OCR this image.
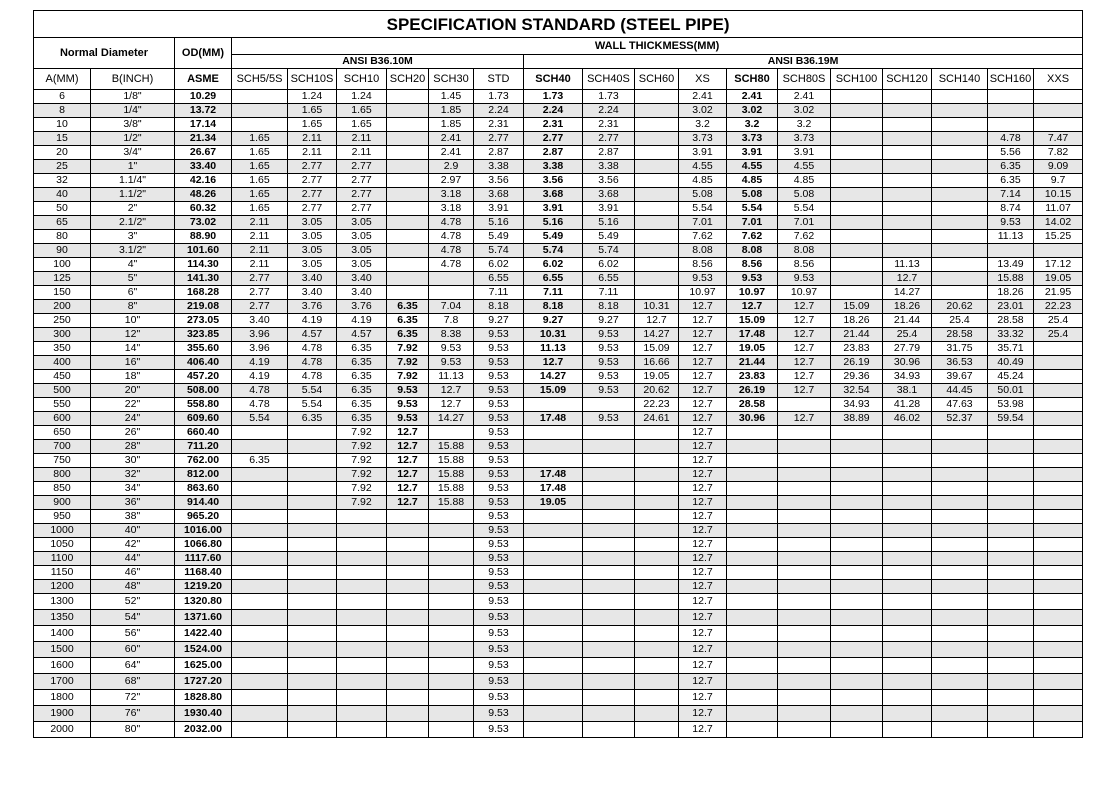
SPECIFICATION STANDARD (STEEL PIPE)																			
Normal Diameter		OD(MM)	WALL THICKMESS(MM)																
			ANSI B36.10M						ANSI B36.19M										
A(MM)	B(INCH)	ASME	SCH5/5S	SCH10S	SCH10	SCH20	SCH30	STD	SCH40	SCH40S	SCH60	XS	SCH80	SCH80S	SCH100	SCH120	SCH140	SCH160	XXS
6	1/8"	10.29		1.24	1.24		1.45	1.73	1.73	1.73		2.41	2.41	2.41					
8	1/4"	13.72		1.65	1.65		1.85	2.24	2.24	2.24		3.02	3.02	3.02					
10	3/8"	17.14		1.65	1.65		1.85	2.31	2.31	2.31		3.2	3.2	3.2					
15	1/2"	21.34	1.65	2.11	2.11		2.41	2.77	2.77	2.77		3.73	3.73	3.73				4.78	7.47
20	3/4"	26.67	1.65	2.11	2.11		2.41	2.87	2.87	2.87		3.91	3.91	3.91				5.56	7.82
25	1"	33.40	1.65	2.77	2.77		2.9	3.38	3.38	3.38		4.55	4.55	4.55				6.35	9.09
32	1.1/4"	42.16	1.65	2.77	2.77		2.97	3.56	3.56	3.56		4.85	4.85	4.85				6.35	9.7
40	1.1/2"	48.26	1.65	2.77	2.77		3.18	3.68	3.68	3.68		5.08	5.08	5.08				7.14	10.15
50	2"	60.32	1.65	2.77	2.77		3.18	3.91	3.91	3.91		5.54	5.54	5.54				8.74	11.07
65	2.1/2"	73.02	2.11	3.05	3.05		4.78	5.16	5.16	5.16		7.01	7.01	7.01				9.53	14.02
80	3"	88.90	2.11	3.05	3.05		4.78	5.49	5.49	5.49		7.62	7.62	7.62				11.13	15.25
90	3.1/2"	101.60	2.11	3.05	3.05		4.78	5.74	5.74	5.74		8.08	8.08	8.08					
100	4"	114.30	2.11	3.05	3.05		4.78	6.02	6.02	6.02		8.56	8.56	8.56		11.13		13.49	17.12
125	5"	141.30	2.77	3.40	3.40			6.55	6.55	6.55		9.53	9.53	9.53		12.7		15.88	19.05
150	6"	168.28	2.77	3.40	3.40			7.11	7.11	7.11		10.97	10.97	10.97		14.27		18.26	21.95
200	8"	219.08	2.77	3.76	3.76	6.35	7.04	8.18	8.18	8.18	10.31	12.7	12.7	12.7	15.09	18.26	20.62	23.01	22.23
250	10"	273.05	3.40	4.19	4.19	6.35	7.8	9.27	9.27	9.27	12.7	12.7	15.09	12.7	18.26	21.44	25.4	28.58	25.4
300	12"	323.85	3.96	4.57	4.57	6.35	8.38	9.53	10.31	9.53	14.27	12.7	17.48	12.7	21.44	25.4	28.58	33.32	25.4
350	14"	355.60	3.96	4.78	6.35	7.92	9.53	9.53	11.13	9.53	15.09	12.7	19.05	12.7	23.83	27.79	31.75	35.71	
400	16"	406.40	4.19	4.78	6.35	7.92	9.53	9.53	12.7	9.53	16.66	12.7	21.44	12.7	26.19	30.96	36.53	40.49	
450	18"	457.20	4.19	4.78	6.35	7.92	11.13	9.53	14.27	9.53	19.05	12.7	23.83	12.7	29.36	34.93	39.67	45.24	
500	20"	508.00	4.78	5.54	6.35	9.53	12.7	9.53	15.09	9.53	20.62	12.7	26.19	12.7	32.54	38.1	44.45	50.01	
550	22"	558.80	4.78	5.54	6.35	9.53	12.7	9.53			22.23	12.7	28.58		34.93	41.28	47.63	53.98	
600	24"	609.60	5.54	6.35	6.35	9.53	14.27	9.53	17.48	9.53	24.61	12.7	30.96	12.7	38.89	46.02	52.37	59.54	
650	26"	660.40			7.92	12.7		9.53				12.7							
700	28"	711.20			7.92	12.7	15.88	9.53				12.7							
750	30"	762.00	6.35		7.92	12.7	15.88	9.53				12.7							
800	32"	812.00			7.92	12.7	15.88	9.53	17.48			12.7							
850	34"	863.60			7.92	12.7	15.88	9.53	17.48			12.7							
900	36"	914.40			7.92	12.7	15.88	9.53	19.05			12.7							
950	38"	965.20						9.53				12.7							
1000	40"	1016.00						9.53				12.7							
1050	42"	1066.80						9.53				12.7							
1100	44"	1117.60						9.53				12.7							
1150	46"	1168.40						9.53				12.7							
1200	48"	1219.20						9.53				12.7							
1300	52"	1320.80						9.53				12.7							
1350	54"	1371.60						9.53				12.7							
1400	56"	1422.40						9.53				12.7							
1500	60"	1524.00						9.53				12.7							
1600	64"	1625.00						9.53				12.7							
1700	68"	1727.20						9.53				12.7							
1800	72"	1828.80						9.53				12.7							
1900	76"	1930.40						9.53				12.7							
2000	80"	2032.00						9.53				12.7							
